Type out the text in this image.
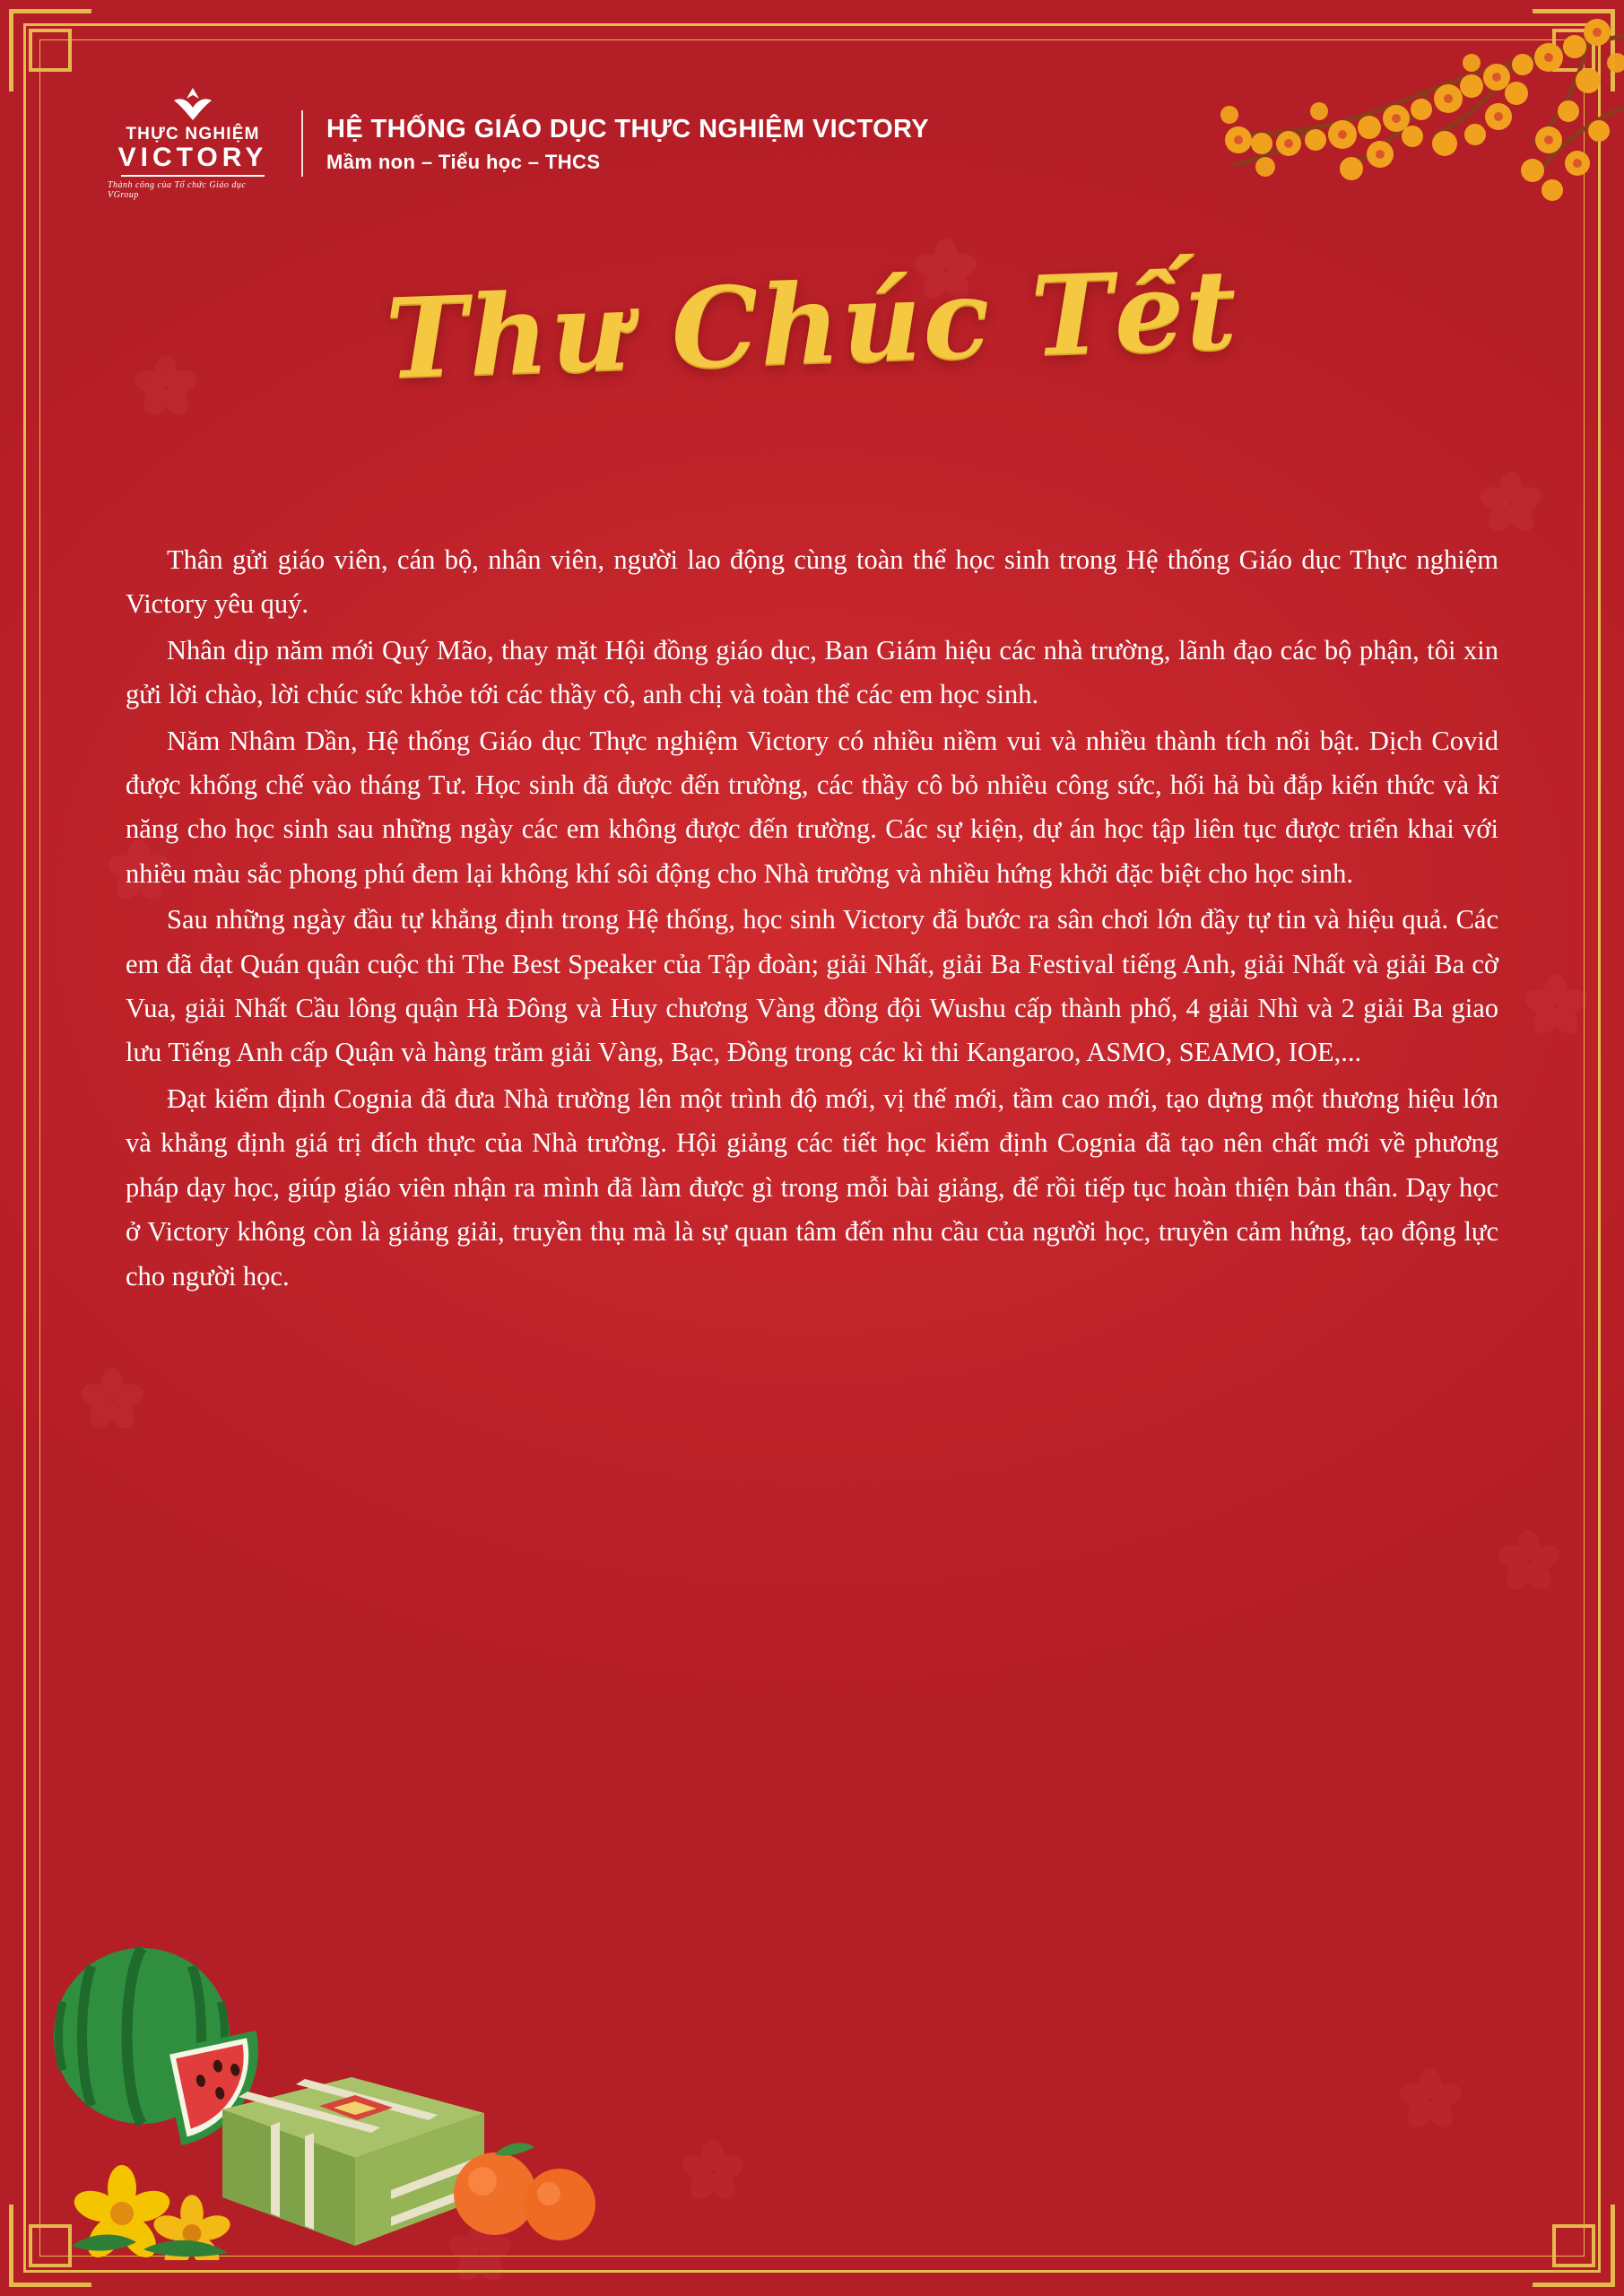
THỰC NGHIỆM
VICTORY
Thành công cùa Tổ chức Giáo dục VGroup
HỆ THỐNG GIÁO DỤC THỰC NGHIỆM VICTORY
Mầm non – Tiểu học – THCS
Thư Chúc Tết

Thân gửi giáo viên, cán bộ, nhân viên, người lao động cùng toàn thể học sinh trong Hệ thống Giáo dục Thực nghiệm Victory yêu quý.

Nhân dịp năm mới Quý Mão, thay mặt Hội đồng giáo dục, Ban Giám hiệu các nhà trường, lãnh đạo các bộ phận, tôi xin gửi lời chào, lời chúc sức khỏe tới các thầy cô, anh chị và toàn thể các em học sinh.

Năm Nhâm Dần, Hệ thống Giáo dục Thực nghiệm Victory có nhiều niềm vui và nhiều thành tích nổi bật. Dịch Covid được khống chế vào tháng Tư. Học sinh đã được đến trường, các thầy cô bỏ nhiều công sức, hối hả bù đắp kiến thức và kĩ năng cho học sinh sau những ngày các em không được đến trường. Các sự kiện, dự án học tập liên tục được triển khai với nhiều màu sắc phong phú đem lại không khí sôi động cho Nhà trường và nhiều hứng khởi đặc biệt cho học sinh.

Sau những ngày đầu tự khẳng định trong Hệ thống, học sinh Victory đã bước ra sân chơi lớn đầy tự tin và hiệu quả. Các em đã đạt Quán quân cuộc thi The Best Speaker của Tập đoàn; giải Nhất, giải Ba Festival tiếng Anh, giải Nhất và giải Ba cờ Vua, giải Nhất Cầu lông quận Hà Đông và Huy chương Vàng đồng đội Wushu cấp thành phố, 4 giải Nhì và 2 giải Ba giao lưu Tiếng Anh cấp Quận và hàng trăm giải Vàng, Bạc, Đồng trong các kì thi Kangaroo, ASMO, SEAMO, IOE,...

Đạt kiểm định Cognia đã đưa Nhà trường lên một trình độ mới, vị thế mới, tầm cao mới, tạo dựng một thương hiệu lớn và khẳng định giá trị đích thực của Nhà trường. Hội giảng các tiết học kiểm định Cognia đã tạo nên chất mới về phương pháp dạy học, giúp giáo viên nhận ra mình đã làm được gì trong mỗi bài giảng, để rồi tiếp tục hoàn thiện bản thân. Dạy học ở Victory không còn là giảng giải, truyền thụ mà là sự quan tâm đến nhu cầu của người học, truyền cảm hứng, tạo động lực cho người học.
